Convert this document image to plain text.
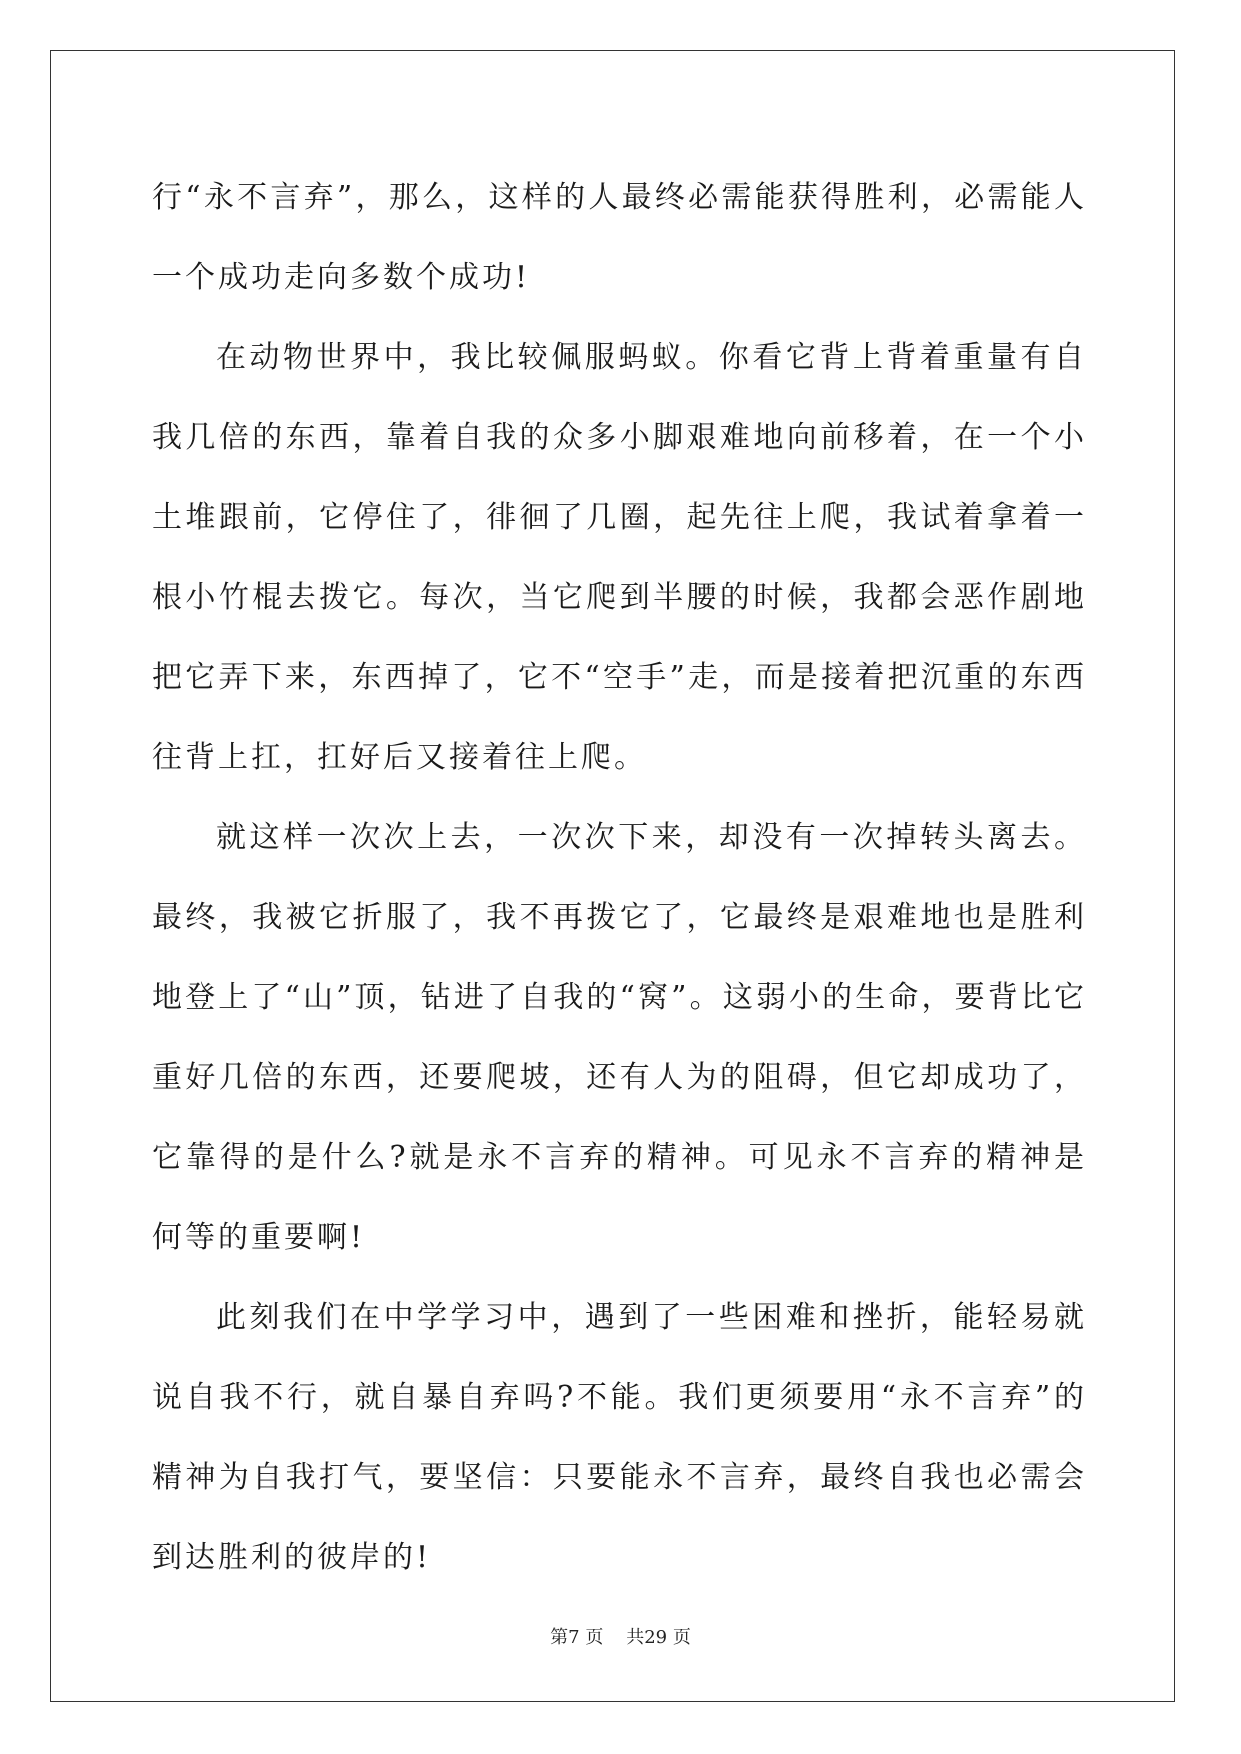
行“永不言弃”，那么，这样的人最终必需能获得胜利，必需能人一个成功走向多数个成功!

在动物世界中，我比较佩服蚂蚁。你看它背上背着重量有自我几倍的东西，靠着自我的众多小脚艰难地向前移着，在一个小土堆跟前，它停住了，徘徊了几圈，起先往上爬，我试着拿着一根小竹棍去拨它。每次，当它爬到半腰的时候，我都会恶作剧地把它弄下来，东西掉了，它不“空手”走，而是接着把沉重的东西往背上扛，扛好后又接着往上爬。

就这样一次次上去，一次次下来，却没有一次掉转头离去。最终，我被它折服了，我不再拨它了，它最终是艰难地也是胜利地登上了“山”顶，钻进了自我的“窝”。这弱小的生命，要背比它重好几倍的东西，还要爬坡，还有人为的阻碍，但它却成功了，它靠得的是什么?就是永不言弃的精神。可见永不言弃的精神是何等的重要啊!

此刻我们在中学学习中，遇到了一些困难和挫折，能轻易就说自我不行，就自暴自弃吗?不能。我们更须要用“永不言弃”的精神为自我打气，要坚信：只要能永不言弃，最终自我也必需会到达胜利的彼岸的!

第7 页 共29 页
